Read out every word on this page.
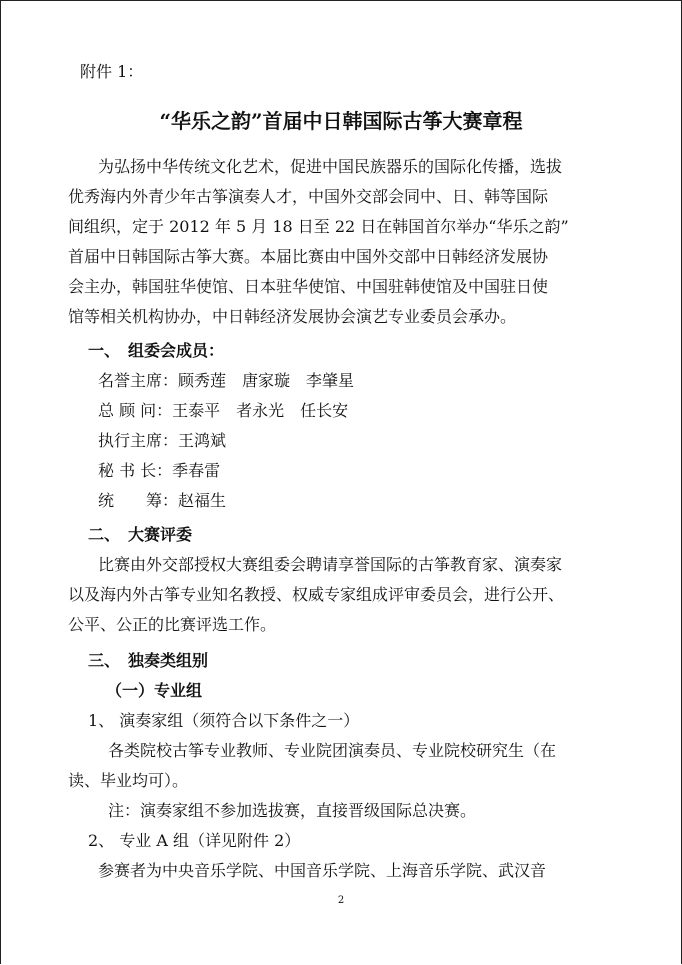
附件 1：
“华乐之韵”首届中日韩国际古筝大赛章程
为弘扬中华传统文化艺术，促进中国民族器乐的国际化传播，选拔
优秀海内外青少年古筝演奏人才，中国外交部会同中、日、韩等国际
间组织，定于 2012 年 5 月 18 日至 22 日在韩国首尔举办“华乐之韵”
首届中日韩国际古筝大赛。本届比赛由中国外交部中日韩经济发展协
会主办，韩国驻华使馆、日本驻华使馆、中国驻韩使馆及中国驻日使
馆等相关机构协办，中日韩经济发展协会演艺专业委员会承办。
一、　组委会成员：
名誉主席：顾秀莲　唐家璇　李肇星
总 顾 问：王泰平　者永光　任长安
执行主席：王鸿斌
秘 书 长：季春雷
统　　筹：赵福生
二、　大赛评委
比赛由外交部授权大赛组委会聘请享誉国际的古筝教育家、演奏家
以及海内外古筝专业知名教授、权威专家组成评审委员会，进行公开、
公平、公正的比赛评选工作。
三、　独奏类组别
（一）专业组
1、 演奏家组（须符合以下条件之一）
各类院校古筝专业教师、专业院团演奏员、专业院校研究生（在
读、毕业均可）。
注：演奏家组不参加选拔赛，直接晋级国际总决赛。
2、 专业 A 组（详见附件 2）
参赛者为中央音乐学院、中国音乐学院、上海音乐学院、武汉音
2
